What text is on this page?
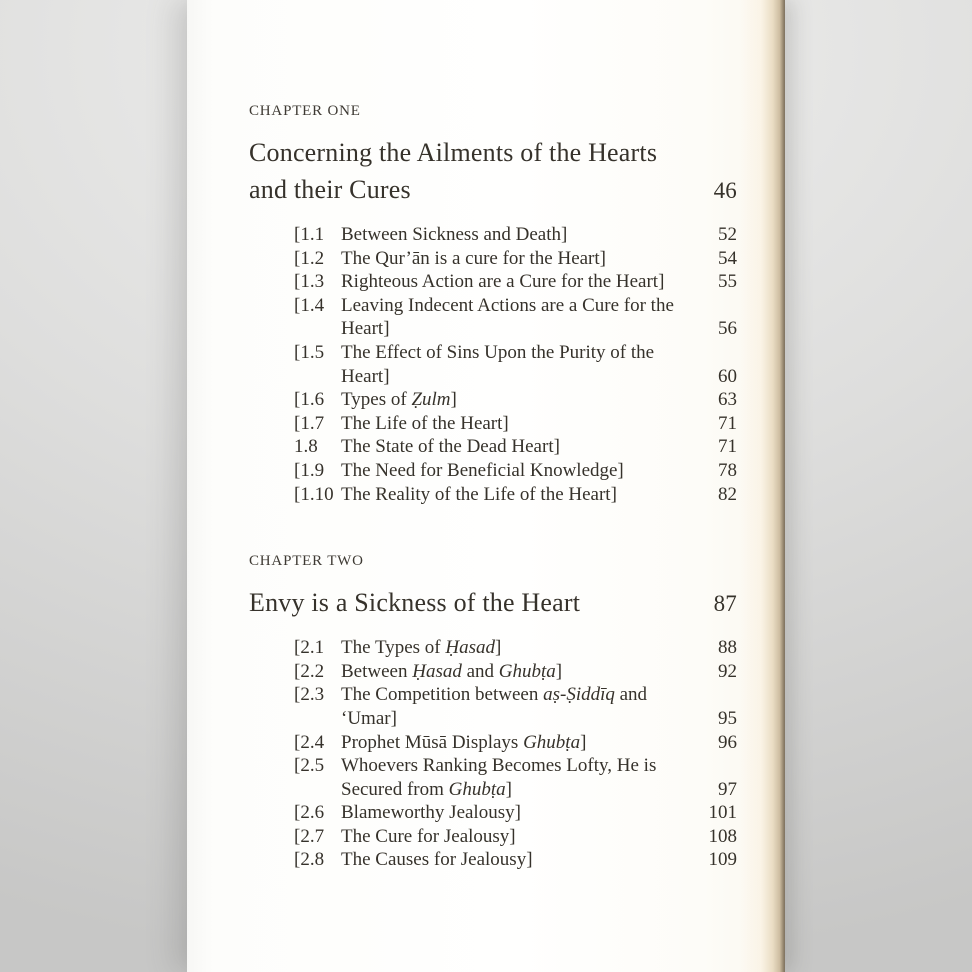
CHAPTER ONE
Concerning the Ailments of the Hearts
and their Cures	46
[1.1 Between Sickness and Death]	52
[1.2 The Qur’ān is a cure for the Heart]	54
[1.3 Righteous Action are a Cure for the Heart]	55
[1.4 Leaving Indecent Actions are a Cure for the
Heart]	56
[1.5 The Effect of Sins Upon the Purity of the
Heart]	60
[1.6 Types of Ẓulm]	63
[1.7 The Life of the Heart]	71
1.8	The State of the Dead Heart]	71
[1.9 The Need for Beneficial Knowledge]	78
[1.10 The Reality of the Life of the Heart]	82
CHAPTER TWO
Envy is a Sickness of the Heart	87
[2.1 The Types of Ḥasad]	88
[2.2 Between Ḥasad and Ghubṭa]	92
[2.3 The Competition between aṣ-Ṣiddīq and
‘Umar]	95
[2.4 Prophet Mūsā Displays Ghubṭa]	96
[2.5 Whoevers Ranking Becomes Lofty, He is
Secured from Ghubṭa]	97
[2.6 Blameworthy Jealousy]	101
[2.7 The Cure for Jealousy]	108
[2.8 The Causes for Jealousy]	109
